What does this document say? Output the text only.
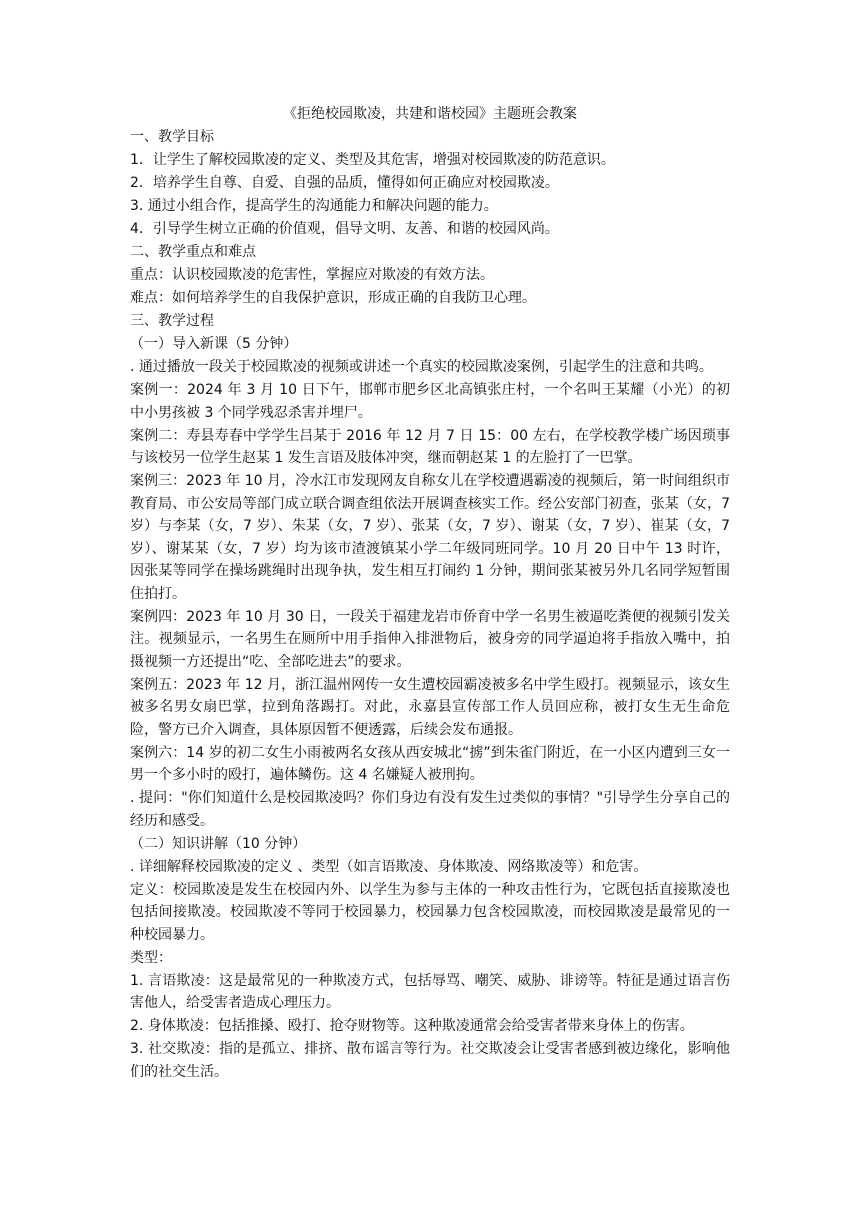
《拒绝校园欺凌，共建和谐校园》主题班会教案

一、教学目标

1．让学生了解校园欺凌的定义、类型及其危害，增强对校园欺凌的防范意识。

2．培养学生自尊、自爱、自强的品质，懂得如何正确应对校园欺凌。

3. 通过小组合作，提高学生的沟通能力和解决问题的能力。

4．引导学生树立正确的价值观，倡导文明、友善、和谐的校园风尚。

二、教学重点和难点

重点：认识校园欺凌的危害性，掌握应对欺凌的有效方法。

难点：如何培养学生的自我保护意识，形成正确的自我防卫心理。

三、教学过程

（一）导入新课（5 分钟）

. 通过播放一段关于校园欺凌的视频或讲述一个真实的校园欺凌案例，引起学生的注意和共鸣。

案例一：2024 年 3 月 10 日下午，邯郸市肥乡区北高镇张庄村，一个名叫王某耀（小光）的初中小男孩被 3 个同学残忍杀害并埋尸。

案例二：寿县寿春中学学生吕某于 2016 年 12 月 7 日 15：00 左右，在学校教学楼广场因琐事与该校另一位学生赵某 1 发生言语及肢体冲突，继而朝赵某 1 的左脸打了一巴掌。

案例三：2023 年 10 月，冷水江市发现网友自称女儿在学校遭遇霸凌的视频后，第一时间组织市教育局、市公安局等部门成立联合调查组依法开展调查核实工作。经公安部门初查，张某（女，7 岁）与李某（女，7 岁）、朱某（女，7 岁）、张某（女，7 岁）、谢某（女，7 岁）、崔某（女，7 岁）、谢某某（女，7 岁）均为该市渣渡镇某小学二年级同班同学。10 月 20 日中午 13 时许，因张某等同学在操场跳绳时出现争执，发生相互打闹约 1 分钟，期间张某被另外几名同学短暂围住拍打。

案例四：2023 年 10 月 30 日，一段关于福建龙岩市侨育中学一名男生被逼吃粪便的视频引发关注。视频显示，一名男生在厕所中用手指伸入排泄物后，被身旁的同学逼迫将手指放入嘴中，拍摄视频一方还提出“吃、全部吃进去”的要求。

案例五：2023 年 12 月，浙江温州网传一女生遭校园霸凌被多名中学生殴打。视频显示，该女生被多名男女扇巴掌，拉到角落踢打。对此，永嘉县宣传部工作人员回应称，被打女生无生命危险，警方已介入调查，具体原因暂不便透露，后续会发布通报。

案例六：14 岁的初二女生小雨被两名女孩从西安城北“掳”到朱雀门附近，在一小区内遭到三女一男一个多小时的殴打，遍体鳞伤。这 4 名嫌疑人被刑拘。

. 提问："你们知道什么是校园欺凌吗？你们身边有没有发生过类似的事情？"引导学生分享自己的经历和感受。

（二）知识讲解（10 分钟）

. 详细解释校园欺凌的定义 、类型（如言语欺凌、身体欺凌、网络欺凌等）和危害。

定义：校园欺凌是发生在校园内外、以学生为参与主体的一种攻击性行为，它既包括直接欺凌也包括间接欺凌。校园欺凌不等同于校园暴力，校园暴力包含校园欺凌，而校园欺凌是最常见的一种校园暴力。

类型：

1. 言语欺凌：这是最常见的一种欺凌方式，包括辱骂、嘲笑、威胁、诽谤等。特征是通过语言伤害他人，给受害者造成心理压力。

2. 身体欺凌：包括推搡、殴打、抢夺财物等。这种欺凌通常会给受害者带来身体上的伤害。

3. 社交欺凌：指的是孤立、排挤、散布谣言等行为。社交欺凌会让受害者感到被边缘化，影响他们的社交生活。
